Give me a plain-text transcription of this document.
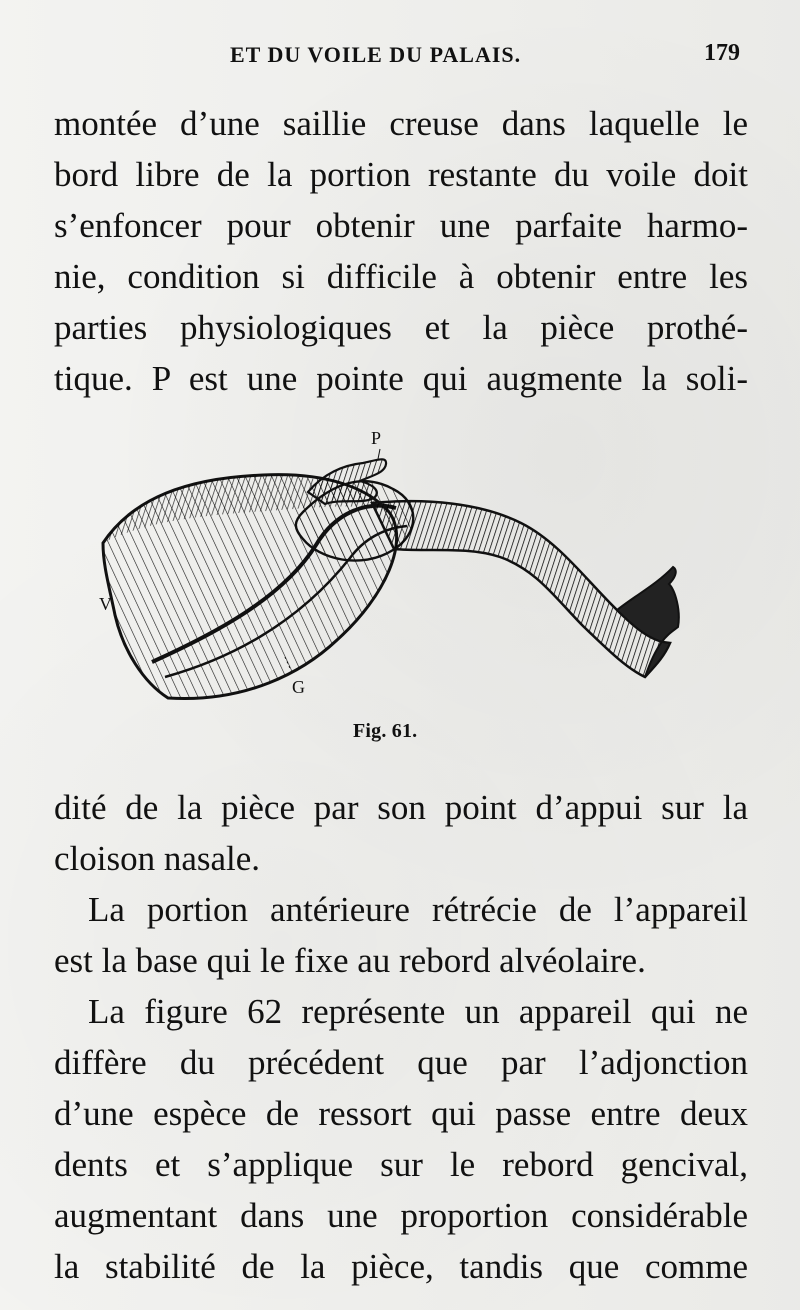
ET DU VOILE DU PALAIS.	179
montée d’une saillie creuse dans laquelle le
bord libre de la portion restante du voile doit
s’enfoncer pour obtenir une parfaite harmo-
nie, condition si difficile à obtenir entre les
parties physiologiques et la pièce prothé-
tique. P est une pointe qui augmente la soli-
P
V
G
Fig. 61.
dité de la pièce par son point d’appui sur la
cloison nasale.
La portion antérieure rétrécie de l’appareil
est la base qui le fixe au rebord alvéolaire.
La figure 62 représente un appareil qui ne
diffère du précédent que par l’adjonction
d’une espèce de ressort qui passe entre deux
dents et s’applique sur le rebord gencival,
augmentant dans une proportion considérable
la stabilité de la pièce, tandis que comme
